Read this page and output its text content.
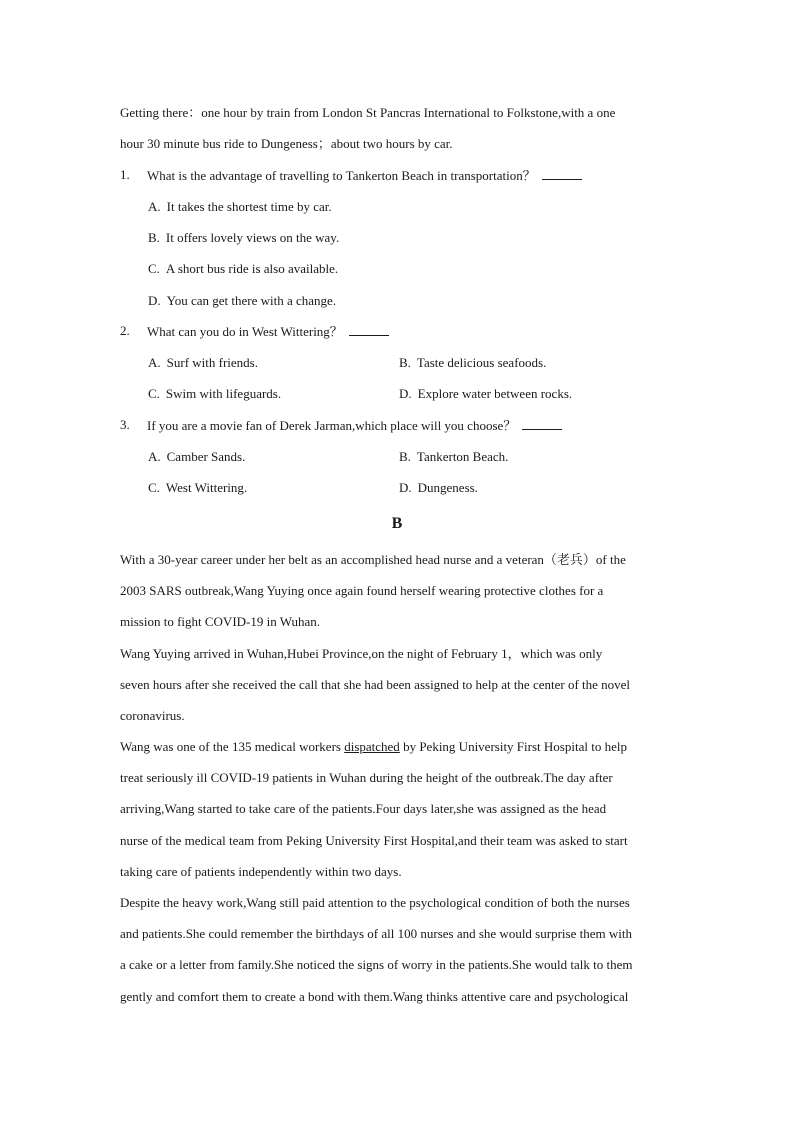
Getting there：one hour by train from London St Pancras International to Folkstone,with a one
hour 30 minute bus ride to Dungeness；about two hours by car.
1. What is the advantage of travelling to Tankerton Beach in transportation？
A. It takes the shortest time by car.
B. It offers lovely views on the way.
C. A short bus ride is also available.
D. You can get there with a change.
2. What can you do in West Wittering？
A. Surf with friends.	B. Taste delicious seafoods.
C. Swim with lifeguards.	D. Explore water between rocks.
3. If you are a movie fan of Derek Jarman,which place will you choose？
A. Camber Sands.	B. Tankerton Beach.
C. West Wittering.	D. Dungeness.
B
With a 30-year career under her belt as an accomplished head nurse and a veteran（老兵）of the
2003 SARS outbreak,Wang Yuying once again found herself wearing protective clothes for a
mission to fight COVID-19 in Wuhan.
Wang Yuying arrived in Wuhan,Hubei Province,on the night of February 1，which was only
seven hours after she received the call that she had been assigned to help at the center of the novel
coronavirus.
Wang was one of the 135 medical workers dispatched by Peking University First Hospital to help
treat seriously ill COVID-19 patients in Wuhan during the height of the outbreak.The day after
arriving,Wang started to take care of the patients.Four days later,she was assigned as the head
nurse of the medical team from Peking University First Hospital,and their team was asked to start
taking care of patients independently within two days.
Despite the heavy work,Wang still paid attention to the psychological condition of both the nurses
and patients.She could remember the birthdays of all 100 nurses and she would surprise them with
a cake or a letter from family.She noticed the signs of worry in the patients.She would talk to them
gently and comfort them to create a bond with them.Wang thinks attentive care and psychological
